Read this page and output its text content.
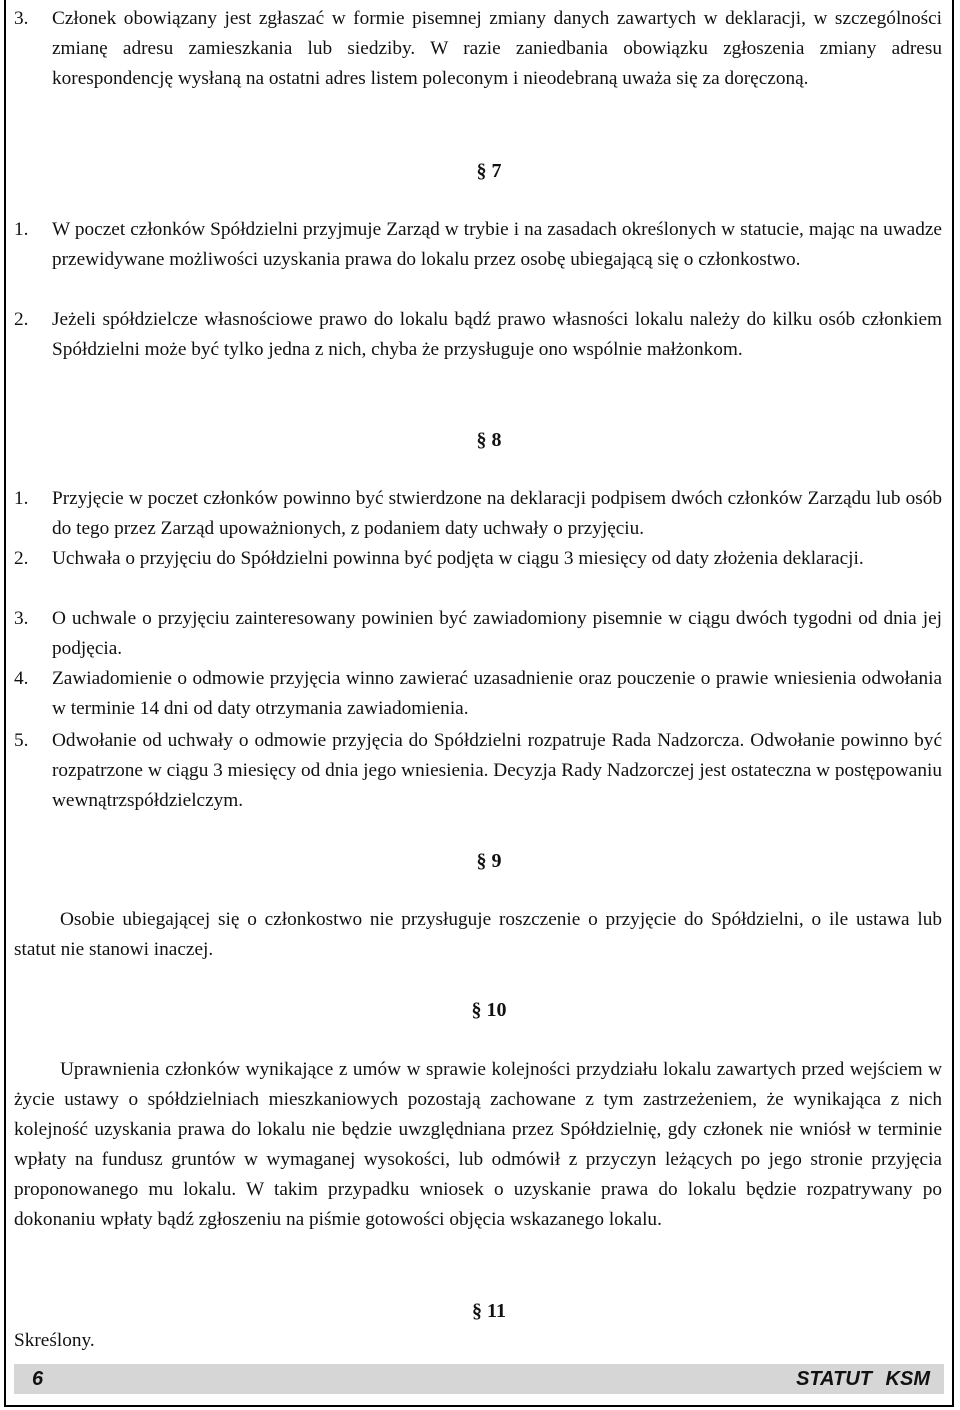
3. Członek obowiązany jest zgłaszać w formie pisemnej zmiany danych zawartych w deklaracji, w szczególności zmianę adresu zamieszkania lub siedziby. W razie zaniedbania obowiązku zgłoszenia zmiany adresu korespondencję wysłaną na ostatni adres listem poleconym i nieodebraną uważa się za doręczoną.
§ 7
1. W poczet członków Spółdzielni przyjmuje Zarząd w trybie i na zasadach określonych w statucie, mając na uwadze przewidywane możliwości uzyskania prawa do lokalu przez osobę ubiegającą się o członkostwo.
2. Jeżeli spółdzielcze własnościowe prawo do lokalu bądź prawo własności lokalu należy do kilku osób członkiem Spółdzielni może być tylko jedna z nich, chyba że przysługuje ono wspólnie małżonkom.
§ 8
1. Przyjęcie w poczet członków powinno być stwierdzone na deklaracji podpisem dwóch członków Zarządu lub osób do tego przez Zarząd upoważnionych, z podaniem daty uchwały o przyjęciu.
2. Uchwała o przyjęciu do Spółdzielni powinna być podjęta w ciągu 3 miesięcy od daty złożenia deklaracji.
3. O uchwale o przyjęciu zainteresowany powinien być zawiadomiony pisemnie w ciągu dwóch tygodni od dnia jej podjęcia.
4. Zawiadomienie o odmowie przyjęcia winno zawierać uzasadnienie oraz pouczenie o prawie wniesienia odwołania w terminie 14 dni od daty otrzymania zawiadomienia.
5. Odwołanie od uchwały o odmowie przyjęcia do Spółdzielni rozpatruje Rada Nadzorcza. Odwołanie powinno być rozpatrzone w ciągu 3 miesięcy od dnia jego wniesienia. Decyzja Rady Nadzorczej jest ostateczna w postępowaniu wewnątrzspółdzielczym.
§ 9
Osobie ubiegającej się o członkostwo nie przysługuje roszczenie o przyjęcie do Spółdzielni, o ile ustawa lub statut nie stanowi inaczej.
§ 10
Uprawnienia członków wynikające z umów w sprawie kolejności przydziału lokalu zawartych przed wejściem w życie ustawy o spółdzielniach mieszkaniowych pozostają zachowane z tym zastrzeżeniem, że wynikająca z nich kolejność uzyskania prawa do lokalu nie będzie uwzględniana przez Spółdzielnię, gdy członek nie wniósł w terminie wpłaty na fundusz gruntów w wymaganej wysokości, lub odmówił z przyczyn leżących po jego stronie przyjęcia proponowanego mu lokalu. W takim przypadku wniosek o uzyskanie prawa do lokalu będzie rozpatrywany po dokonaniu wpłaty bądź zgłoszeniu na piśmie gotowości objęcia wskazanego lokalu.
§ 11
Skreślony.
6	STATUT KSM
